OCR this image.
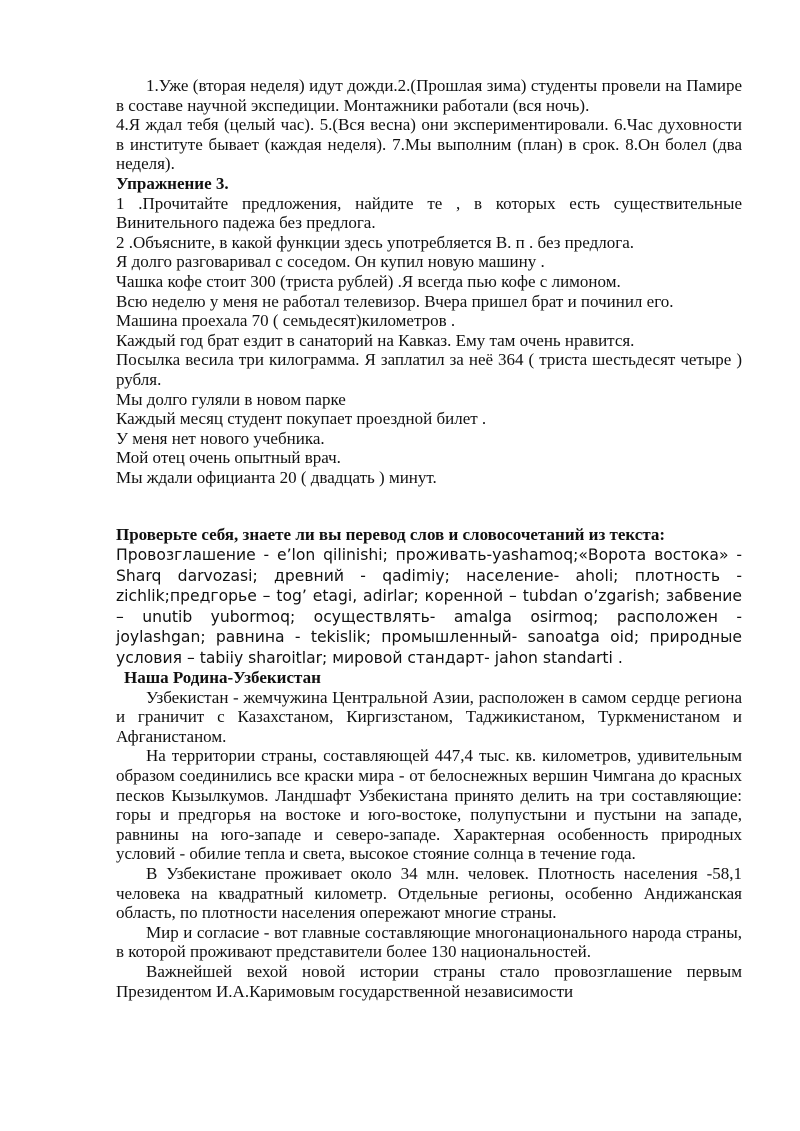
1.Уже (вторая неделя) идут дожди.2.(Прошлая зима) студенты провели на Памире в составе научной экспедиции. Монтажники работали (вся ночь).

4.Я ждал тебя (целый час). 5.(Вся весна) они экспериментировали. 6.Час духовности в институте бывает (каждая неделя). 7.Мы выполним (план) в срок. 8.Он болел (два неделя).

Упражнение 3.

1 .Прочитайте предложения, найдите те , в которых есть существительные Винительного падежа без предлога.

2 .Объясните, в какой функции здесь употребляется В. п . без предлога.

Я долго разговаривал с соседом. Он купил новую машину .

Чашка кофе стоит 300 (триста рублей) .Я всегда пью кофе с лимоном.

Всю неделю у меня не работал телевизор. Вчера пришел брат и починил его.

Машина проехала 70 ( семьдесят)километров .

Каждый год брат ездит в санаторий на Кавказ. Ему там очень нравится.

Посылка весила три килограмма. Я заплатил за неё 364 ( триста шестьдесят четыре ) рубля.

Мы долго гуляли в новом парке

Каждый месяц студент покупает проездной билет .

У меня нет нового учебника.

Мой отец очень опытный врач.

Мы ждали официанта 20 ( двадцать ) минут.

Проверьте себя, знаете ли вы перевод слов и словосочетаний из текста:

Провозглашение - e’lon qilinishi; проживать-yashamoq;«Ворота востока» - Sharq darvozasi; древний - qadimiy; население- aholi; плотность - zichlik;предгорье – tog’ etagi, adirlar; коренной – tubdan o’zgarish; забвение – unutib yubormoq; осуществлять- amalga osirmoq; расположен - joylashgan; равнина - tekislik; промышленный- sanoatga oid; природные условия – tabiiy sharoitlar; мировой стандарт- jahon standarti .

Наша Родина-Узбекистан

Узбекистан - жемчужина Центральной Азии, расположен в самом сердце региона и граничит с Казахстаном, Киргизстаном, Таджикистаном, Туркменистаном и Афганистаном.

На территории страны, составляющей 447,4 тыс. кв. километров, удивительным образом соединились все краски мира - от белоснежных вершин Чимгана до красных песков Кызылкумов. Ландшафт Узбекистана принято делить на три составляющие: горы и предгорья на востоке и юго-востоке, полупустыни и пустыни на западе, равнины на юго-западе и северо-западе. Характерная особенность природных условий - обилие тепла и света, высокое стояние солнца в течение года.

В Узбекистане проживает около 34 млн. человек. Плотность населения -58,1 человека на квадратный километр. Отдельные регионы, особенно Андижанская область, по плотности населения опережают многие страны.

Мир и согласие - вот главные составляющие многонационального народа страны, в которой проживают представители более 130 национальностей.

Важнейшей вехой новой истории страны стало провозглашение первым Президентом И.А.Каримовым государственной независимости
